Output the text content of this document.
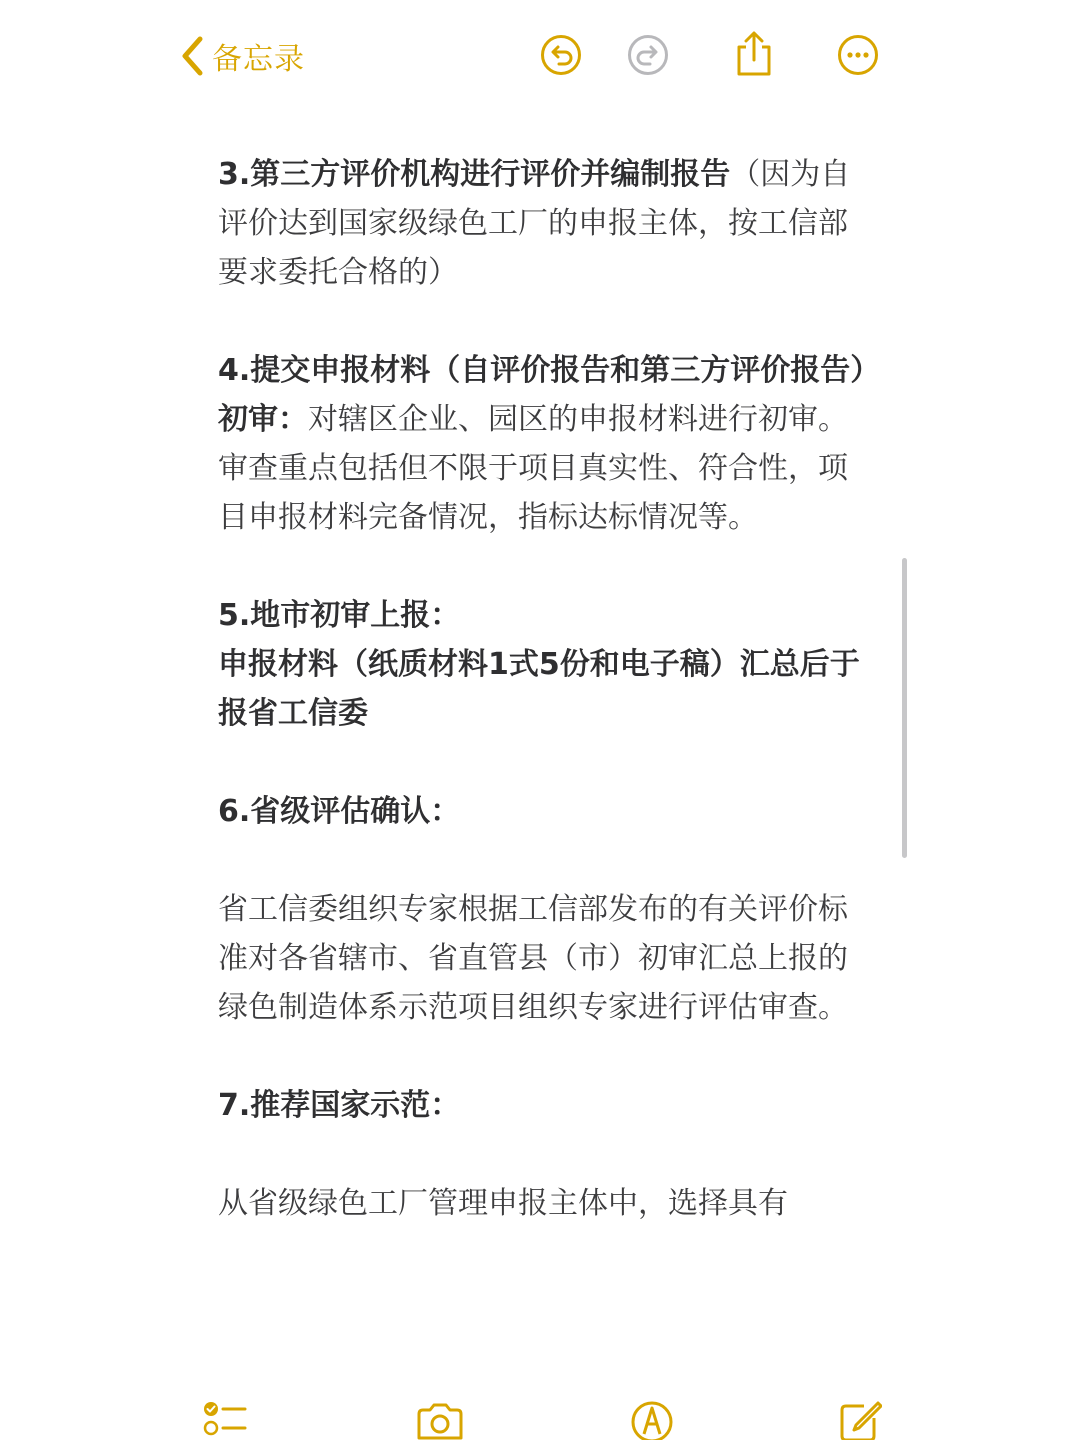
备忘录
3.第三方评价机构进行评价并编制报告（因为自评价达到国家级绿色工厂的申报主体，按工信部要求委托合格的）
4.提交申报材料（自评价报告和第三方评价报告）
初审：对辖区企业、园区的申报材料进行初审。审查重点包括但不限于项目真实性、符合性，项目申报材料完备情况，指标达标情况等。
5.地市初审上报：
申报材料（纸质材料1式5份和电子稿）汇总后于报省工信委
6.省级评估确认：
省工信委组织专家根据工信部发布的有关评价标准对各省辖市、省直管县（市）初审汇总上报的绿色制造体系示范项目组织专家进行评估审查。
7.推荐国家示范：
从省级绿色工厂管理申报主体中，选择具有
